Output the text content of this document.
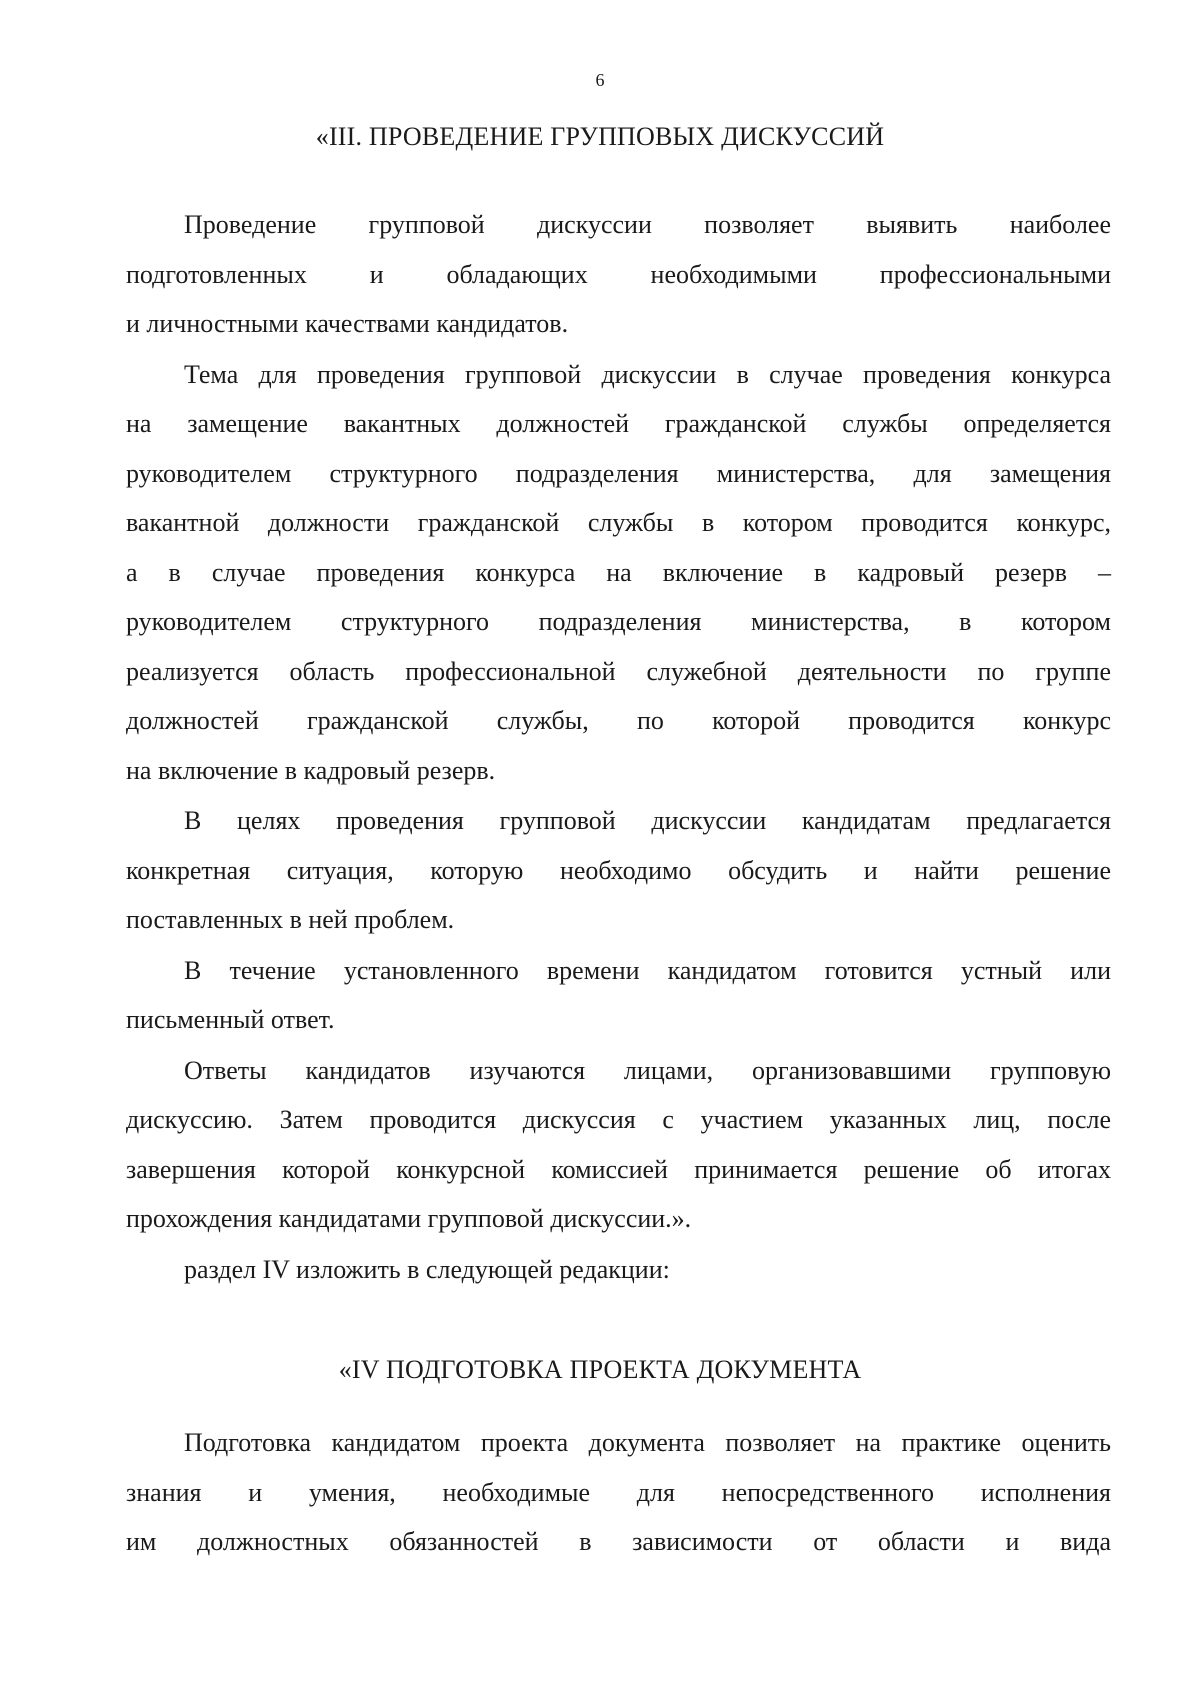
6
«III. ПРОВЕДЕНИЕ ГРУППОВЫХ ДИСКУССИЙ
Проведение групповой дискуссии позволяет выявить наиболее
подготовленных и обладающих необходимыми профессиональными
и личностными качествами кандидатов.
Тема для проведения групповой дискуссии в случае проведения конкурса
на замещение вакантных должностей гражданской службы определяется
руководителем структурного подразделения министерства, для замещения
вакантной должности гражданской службы в котором проводится конкурс,
а в случае проведения конкурса на включение в кадровый резерв –
руководителем структурного подразделения министерства, в котором
реализуется область профессиональной служебной деятельности по группе
должностей гражданской службы, по которой проводится конкурс
на включение в кадровый резерв.
В целях проведения групповой дискуссии кандидатам предлагается
конкретная ситуация, которую необходимо обсудить и найти решение
поставленных в ней проблем.
В течение установленного времени кандидатом готовится устный или
письменный ответ.
Ответы кандидатов изучаются лицами, организовавшими групповую
дискуссию. Затем проводится дискуссия с участием указанных лиц, после
завершения которой конкурсной комиссией принимается решение об итогах
прохождения кандидатами групповой дискуссии.».
раздел IV изложить в следующей редакции:
«IV ПОДГОТОВКА ПРОЕКТА ДОКУМЕНТА
Подготовка кандидатом проекта документа позволяет на практике оценить
знания и умения, необходимые для непосредственного исполнения
им должностных обязанностей в зависимости от области и вида
